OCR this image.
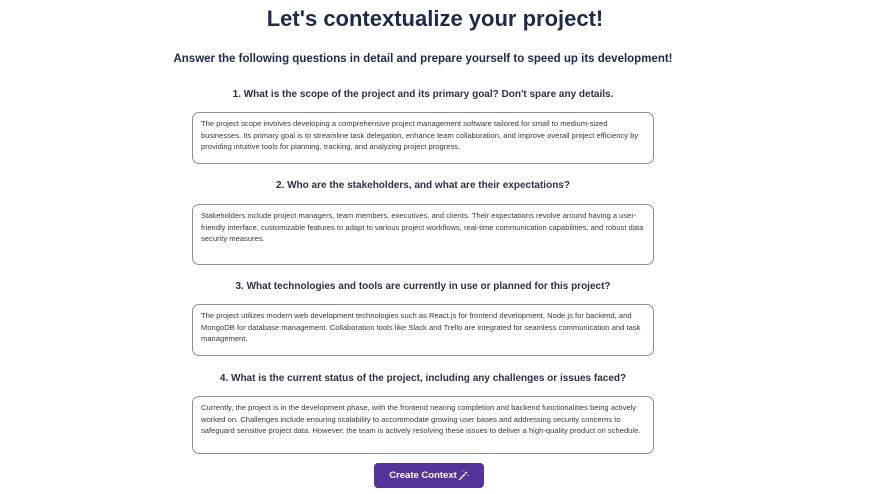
Let's contextualize your project!

Answer the following questions in detail and prepare yourself to speed up its development!

1. What is the scope of the project and its primary goal? Don't spare any details.
The project scope involves developing a comprehensive project management software tailored for small to medium-sized businesses. Its primary goal is to streamline task delegation, enhance team collaboration, and improve overall project efficiency by providing intuitive tools for planning, tracking, and analyzing project progress.
2. Who are the stakeholders, and what are their expectations?
Stakeholders include project managers, team members, executives, and clients. Their expectations revolve around having a user-friendly interface, customizable features to adapt to various project workflows, real-time communication capabilities, and robust data security measures.
3. What technologies and tools are currently in use or planned for this project?
The project utilizes modern web development technologies such as React.js for frontend development, Node.js for backend, and MongoDB for database management. Collaboration tools like Slack and Trello are integrated for seamless communication and task management.
4. What is the current status of the project, including any challenges or issues faced?
Currently, the project is in the development phase, with the frontend nearing completion and backend functionalities being actively worked on. Challenges include ensuring scalability to accommodate growing user bases and addressing security concerns to safeguard sensitive project data. However, the team is actively resolving these issues to deliver a high-quality product on schedule.
Create Context
